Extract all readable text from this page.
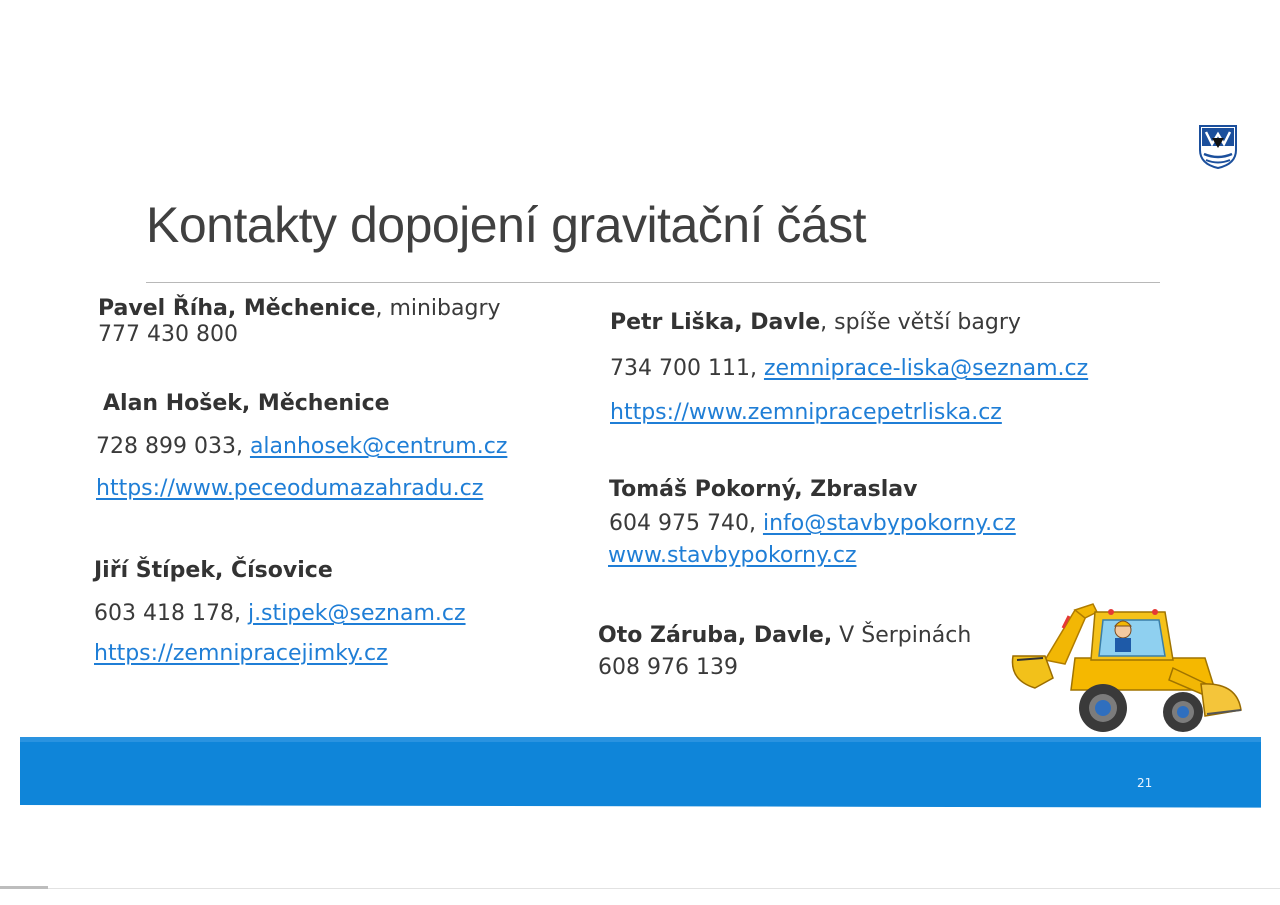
Kontakty dopojení gravitační část
Pavel Říha, Měchenice, minibagry
777 430 800
Alan Hošek, Měchenice
728 899 033, alanhosek@centrum.cz
https://www.peceodumazahradu.cz
Jiří Štípek, Čísovice
603 418 178, j.stipek@seznam.cz
https://zemnipracejimky.cz
Petr Liška, Davle, spíše větší bagry
734 700 111, zemniprace-liska@seznam.cz
https://www.zemnipracepetrliska.cz
Tomáš Pokorný, Zbraslav
604 975 740, info@stavbypokorny.cz
www.stavbypokorny.cz
Oto Záruba, Davle, V Šerpinách
608 976 139
21
